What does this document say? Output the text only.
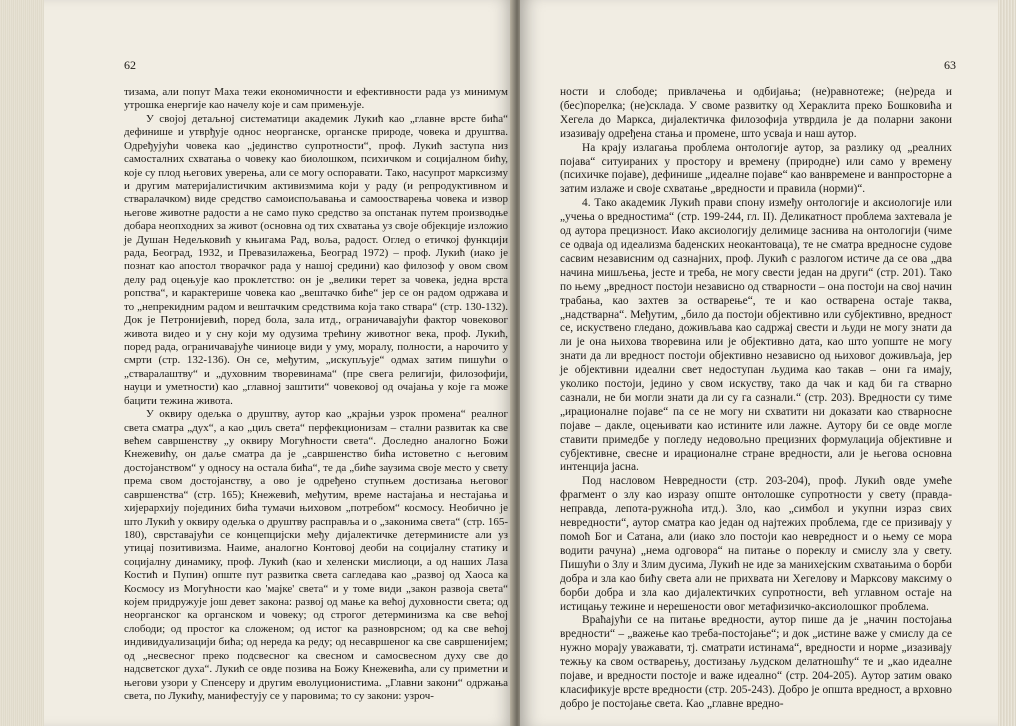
62

тизама, али попут Маха тежи економичности и ефективности рада уз минимум утрошка енергије као начелу које и сам примењује.

У својој детаљној систематици академик Лукић као „главне врсте бића“ дефинише и утврђује однос неорганске, органске природе, човека и друштва. Одређујући човека као „јединство супротности“, проф. Лукић заступа низ самосталних схватања о човеку као биолошком, психичком и социјалном бићу, које су плод његових уверења, али се могу оспоравати. Тако, насупрот марксизму и другим материјалистичким активизмима који у раду (и репродуктивном и стваралачком) виде средство самоиспољавања и самоостварења човека и извор његове животне радости а не само пуко средство за опстанак путем производње добара неопходних за живот (основна од тих схватања уз своје објекције изложио је Душан Недељковић у књигама Рад, воља, радост. Оглед о етичкој функцији рада, Београд, 1932, и Превазилажења, Београд 1972) – проф. Лукић (иако је познат као апостол творачког рада у нашој средини) као филозоф у овом свом делу рад оцењује као проклетство: он је „велики терет за човека, једна врста ропства“, и карактерише човека као „вештачко биће“ јер се он радом одржава и то „непрекидним радом и вештачким средствима која тако ствара“ (стр. 130-132). Док је Петронијевић, поред бола, зала итд., ограничавајући фактор човековог живота видео и у сну који му одузима трећину животног века, проф. Лукић, поред рада, ограничавајуће чиниоце види у уму, моралу, полности, а нарочито у смрти (стр. 132-136). Он се, међутим, „искупљује“ одмах затим пишући о „стваралаштву“ и „духовним творевинама“ (пре свега религији, филозофији, науци и уметности) као „главној заштити“ човековој од очајања у које га може бацити тежина живота.

У оквиру одељка о друштву, аутор као „крајњи узрок промена“ реалног света сматра „дух“, а као „циљ света“ перфекционизам – стални развитак ка све већем савршенству „у оквиру Могућности света“. Доследно аналогно Божи Кнежевићу, он даље сматра да је „савршенство бића истоветно с његовим достојанством“ у односу на остала бића“, те да „биће заузима своје место у свету према свом достојанству, а ово је одређено ступњем достизања његовог савршенства“ (стр. 165); Кнежевић, међутим, време настајања и нестајања и хијерархију појединих бића тумачи њиховом „потребом“ космосу. Необично је што Лукић у оквиру одељка о друштву расправља и о „законима света“ (стр. 165-180), сврставајући се концепцијски међу дијалектичке детерминисте али уз утицај позитивизма. Наиме, аналогно Контовој деоби на социјалну статику и социјалну динамику, проф. Лукић (као и хеленски мислиоци, а од наших Лаза Костић и Пупин) опште пут развитка света сагледава као „развој од Хаоса ка Космосу из Могућности као 'мајке' света“ и у томе види „закон развоја света“ којем придружује још девет закона: развој од мање ка већој духовности света; од неорганског ка органском и човеку; од строгог детерминизма ка све већој слободи; од простог ка сложеном; од истог ка разноврсном; од ка све већој индивидуализацији бића; од нереда ка реду; од несавршеног ка све савршенијем; од „несвесног преко подсвесног ка свесном и самосвесном духу све до надсветског духа“. Лукић се овде позива на Божу Кнежевића, али су приметни и његови узори у Спенсеру и другим еволуционистима. „Главни закони“ одржања света, по Лукићу, манифестују се у паровима; то су закони: узроч-

63

ности и слободе; привлачења и одбијања; (не)равнотеже; (не)реда и (бес)порелка; (не)склада. У своме развитку од Хераклита преко Бошковића и Хегела до Маркса, дијалектичка филозофија утврдила је да поларни закони изазивају одређена стања и промене, што усваја и наш аутор.

На крају излагања проблема онтологије аутор, за разлику од „реалних појава“ ситуираних у простору и времену (природне) или само у времену (психичке појаве), дефинише „идеалне појаве“ као ванвремене и ванпросторне а затим излаже и своје схватање „вредности и правила (норми)“.

4. Тако академик Лукић прави спону између онтологије и аксиологије или „учења о вредностима“ (стр. 199-244, гл. II). Деликатност проблема захтевала је од аутора прецизност. Иако аксиологију делимице заснива на онтологији (чиме се одваја од идеализма баденских неокантоваца), те не сматра вредносне судове сасвим независним од сазнајних, проф. Лукић с разлогом истиче да се ова „два начина мишљења, јесте и треба, не могу свести један на други“ (стр. 201). Тако по њему „вредност постоји независно од стварности – она постоји на свој начин трабања, као захтев за остварење“, те и као остварена остаје таква, „надстварна“. Међутим, „било да постоји објективно или субјективно, вредност се, искуствено гледано, доживљава као садржај свести и људи не могу знати да ли је она њихова творевина или је објективно дата, као што уопште не могу знати да ли вредност постоји објективно независно од њиховог доживљаја, јер је објективни идеални свет недоступан људима као такав – они га имају, уколико постоји, једино у свом искуству, тако да чак и кад би га стварно сазнали, не би могли знати да ли су га сазнали.“ (стр. 203). Вредности су тиме „ирационалне појаве“ па се не могу ни схватити ни доказати као стварносне појаве – дакле, оцењивати као истините или лажне. Аутору би се овде могле ставити примедбе у погледу недовољно прецизних формулација објективне и субјективне, свесне и ирационалне стране вредности, али је његова основна интенција јасна.

Под насловом Невредности (стр. 203-204), проф. Лукић овде умеће фрагмент о злу као изразу опште онтолошке супротности у свету (правда-неправда, лепота-ружноћа итд.). Зло, као „симбол и укупни израз свих невредности“, аутор сматра као један од најтежих проблема, где се призивају у помоћ Бог и Сатана, али (иако зло постоји као невредност и о њему се мора водити рачуна) „нема одговора“ на питање о пореклу и смислу зла у свету. Пишући о Злу и Злим дусима, Лукић не иде за манихејским схватањима о борби добра и зла као бићу света али не прихвата ни Хегелову и Марксову максиму о борби добра и зла као дијалектичких супротности, већ углавном остаје на истицању тежине и нерешености овог метафизичко-аксиолошког проблема.

Враћајући се на питање вредности, аутор пише да је „начин постојања вредности“ – „важење као треба-постојање“; и док „истине важе у смислу да се нужно морају уважавати, тј. сматрати истинама“, вредности и норме „изазивају тежњу ка свом остварењу, достизању људском делатношћу“ те и „као идеалне појаве, и вредности постоје и важе идеално“ (стр. 204-205). Аутор затим овако класификује врсте вредности (стр. 205-243). Добро је општа вредност, а врховно добро је постојање света. Као „главне вредно-
